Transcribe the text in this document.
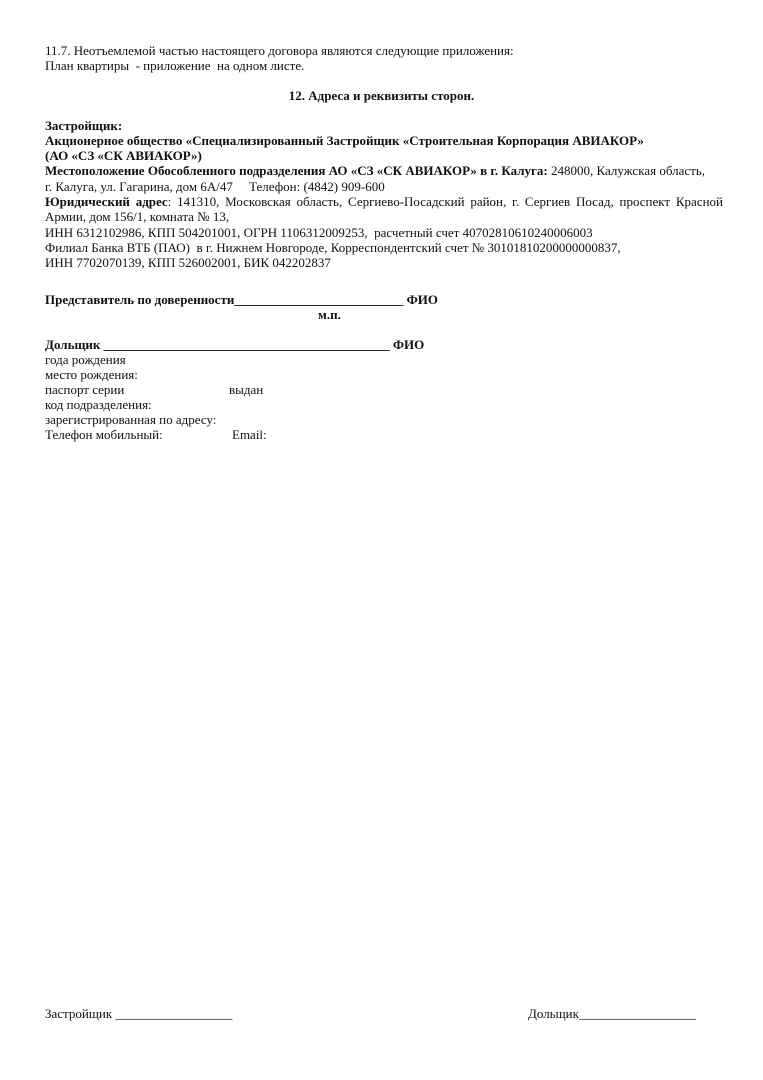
11.7. Неотъемлемой частью настоящего договора являются следующие приложения:
План квартиры  - приложение  на одном листе.
12. Адреса и реквизиты сторон.
Застройщик:
Акционерное общество «Специализированный Застройщик «Строительная Корпорация АВИАКОР»
(АО «СЗ «СК АВИАКОР»)
Местоположение Обособленного подразделения АО «СЗ «СК АВИАКОР» в г. Калуга: 248000, Калужская область,
г. Калуга, ул. Гагарина, дом 6А/47     Телефон: (4842) 909-600
Юридический адрес: 141310, Московская область, Сергиево-Посадский район, г. Сергиев Посад, проспект Красной
Армии, дом 156/1, комната № 13,
ИНН 6312102986, КПП 504201001, ОГРН 1106312009253,  расчетный счет 40702810610240006003
Филиал Банка ВТБ (ПАО)  в г. Нижнем Новгороде, Корреспондентский счет № 30101810200000000837,
ИНН 7702070139, КПП 526002001, БИК 042202837
Представитель по доверенности__________________________ ФИО
м.п.
Дольщик ____________________________________________ ФИО
года рождения
место рождения:
паспорт серии	выдан
код подразделения:
зарегистрированная по адресу:
Телефон мобильный:	Email:
Застройщик __________________	Дольщик__________________
